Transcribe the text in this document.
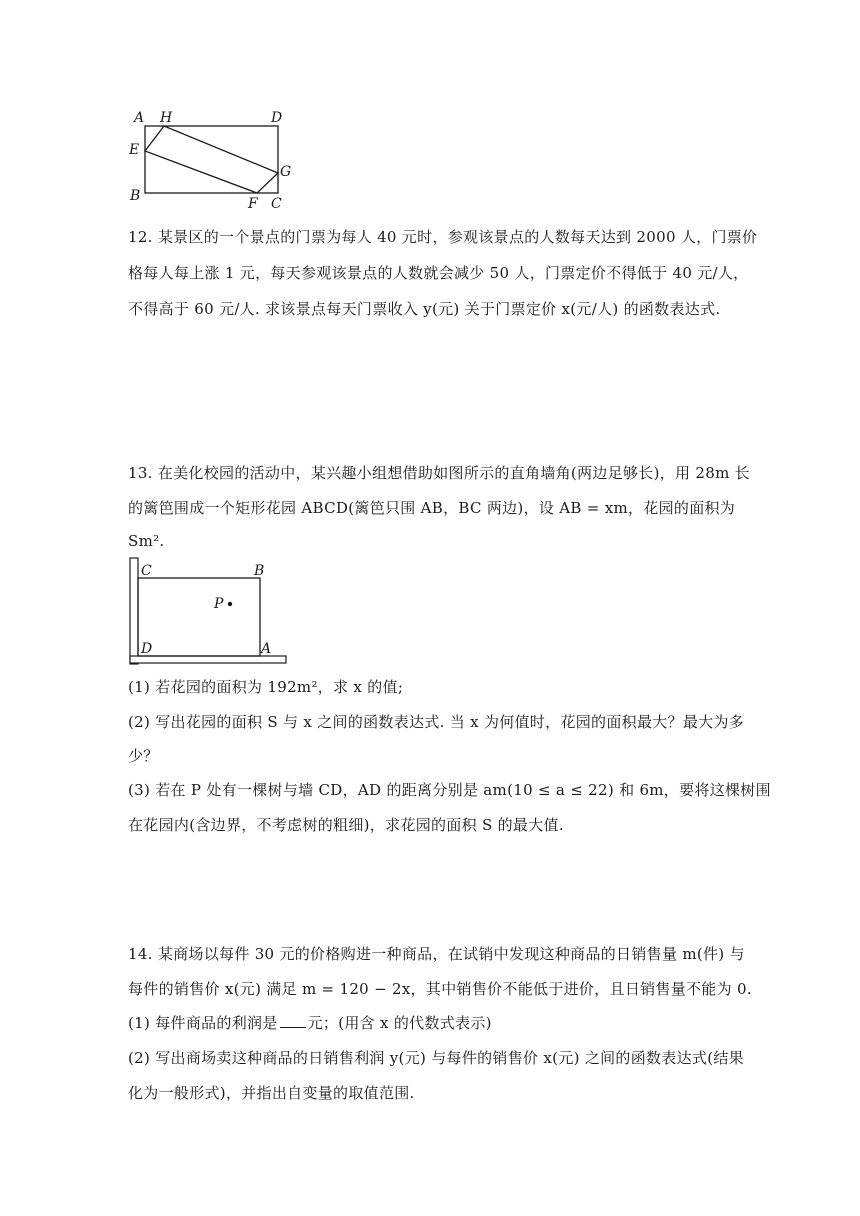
A H	D
E
G
B	F C
12. 某景区的一个景点的门票为每人 40 元时，参观该景点的人数每天达到 2000 人，门票价
格每人每上涨 1 元，每天参观该景点的人数就会减少 50 人，门票定价不得低于 40 元/人，
不得高于 60 元/人. 求该景点每天门票收入 y(元) 关于门票定价 x(元/人) 的函数表达式.
13. 在美化校园的活动中，某兴趣小组想借助如图所示的直角墙角(两边足够长)，用 28m 长
的篱笆围成一个矩形花园 ABCD(篱笆只围 AB，BC 两边)，设 AB = xm，花园的面积为
Sm².
C	B
P
D	A
(1) 若花园的面积为 192m²，求 x 的值;
(2) 写出花园的面积 S 与 x 之间的函数表达式. 当 x 为何值时，花园的面积最大？最大为多
少？
(3) 若在 P 处有一棵树与墙 CD，AD 的距离分别是 am(10 ≤ a ≤ 22) 和 6m，要将这棵树围
在花园内(含边界，不考虑树的粗细)，求花园的面积 S 的最大值.
14. 某商场以每件 30 元的价格购进一种商品，在试销中发现这种商品的日销售量 m(件) 与
每件的销售价 x(元) 满足 m = 120 − 2x，其中销售价不能低于进价，且日销售量不能为 0.
(1) 每件商品的利润是 元；(用含 x 的代数式表示)
(2) 写出商场卖这种商品的日销售利润 y(元) 与每件的销售价 x(元) 之间的函数表达式(结果
化为一般形式)，并指出自变量的取值范围.
